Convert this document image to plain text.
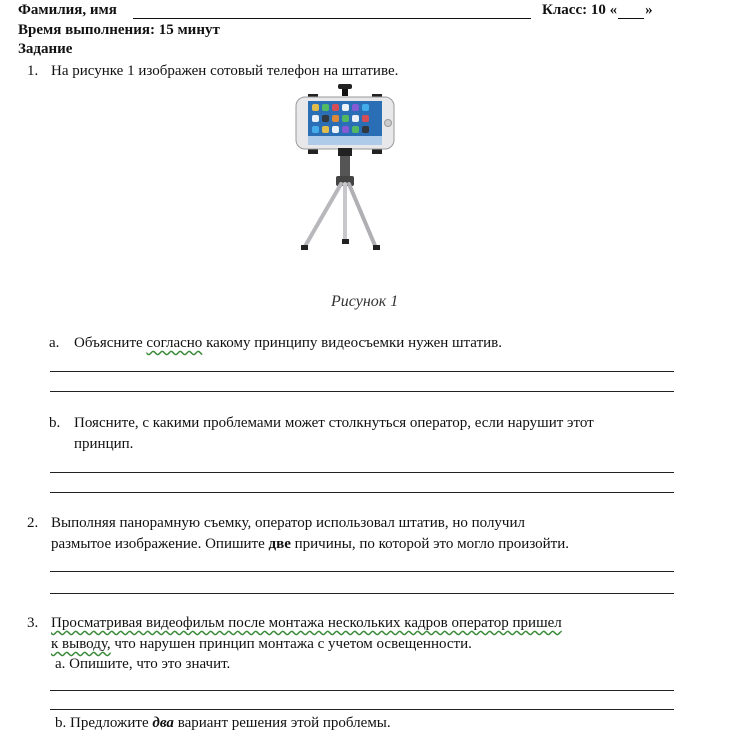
Фамилия, имя	Класс: 10 « »
Время выполнения: 15 минут
Задание
1. На рисунке 1 изображен сотовый телефон на штативе.
Рисунок 1
a. Объясните согласно какому принципу видеосъемки нужен штатив.
b. Поясните, с какими проблемами может столкнуться оператор, если нарушит этот
принцип.
2. Выполняя панорамную съемку, оператор использовал штатив, но получил
размытое изображение. Опишите две причины, по которой это могло произойти.
3. Просматривая видеофильм после монтажа нескольких кадров оператор пришел
к выводу, что нарушен принцип монтажа с учетом освещенности.
a. Опишите, что это значит.
b. Предложите два вариант решения этой проблемы.
